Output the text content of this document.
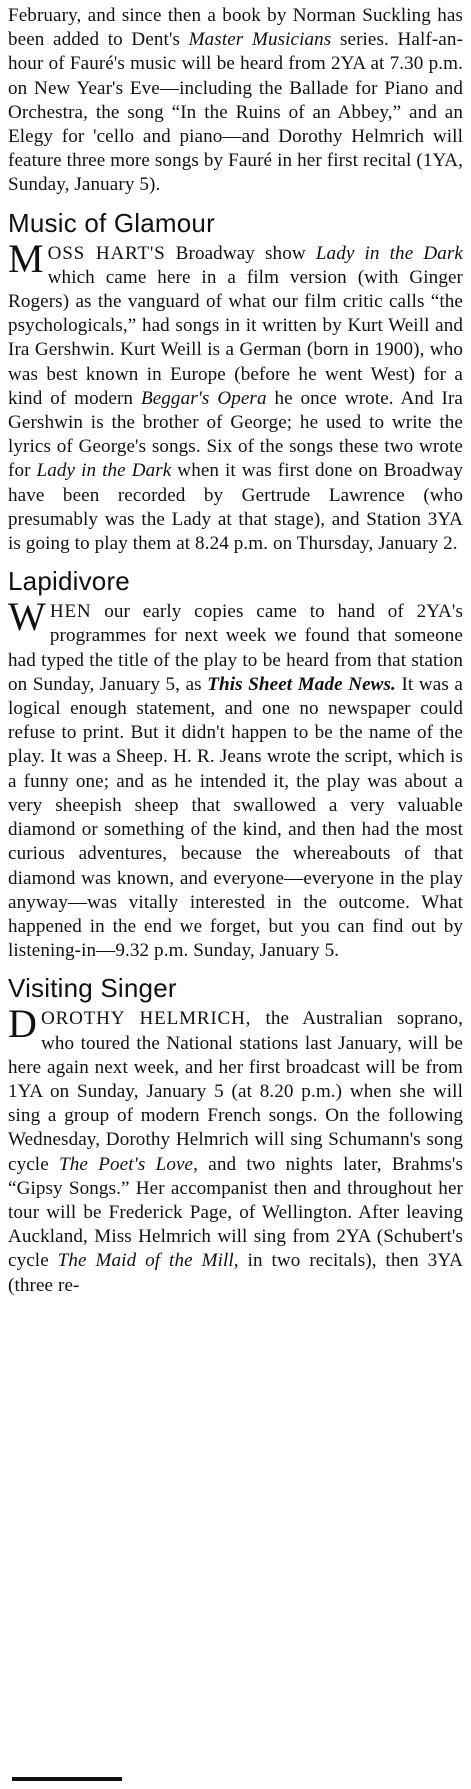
February, and since then a book by Norman Suckling has been added to Dent's Master Musicians series. Half-an-hour of Fauré's music will be heard from 2YA at 7.30 p.m. on New Year's Eve—including the Ballade for Piano and Orchestra, the song “In the Ruins of an Abbey,” and an Elegy for 'cello and piano—and Dorothy Helmrich will feature three more songs by Fauré in her first recital (1YA, Sunday, January 5).

Music of Glamour

MOSS HART'S Broadway show Lady in the Dark which came here in a film version (with Ginger Rogers) as the vanguard of what our film critic calls “the psychologicals,” had songs in it written by Kurt Weill and Ira Gershwin. Kurt Weill is a German (born in 1900), who was best known in Europe (before he went West) for a kind of modern Beggar's Opera he once wrote. And Ira Gershwin is the brother of George; he used to write the lyrics of George's songs. Six of the songs these two wrote for Lady in the Dark when it was first done on Broadway have been recorded by Gertrude Lawrence (who presumably was the Lady at that stage), and Station 3YA is going to play them at 8.24 p.m. on Thursday, January 2.

Lapidivore

WHEN our early copies came to hand of 2YA's programmes for next week we found that someone had typed the title of the play to be heard from that station on Sunday, January 5, as This Sheet Made News. It was a logical enough statement, and one no newspaper could refuse to print. But it didn't happen to be the name of the play. It was a Sheep. H. R. Jeans wrote the script, which is a funny one; and as he intended it, the play was about a very sheepish sheep that swallowed a very valuable diamond or something of the kind, and then had the most curious adventures, because the whereabouts of that diamond was known, and everyone—everyone in the play anyway—was vitally interested in the outcome. What happened in the end we forget, but you can find out by listening-in—9.32 p.m. Sunday, January 5.

Visiting Singer

DOROTHY HELMRICH, the Australian soprano, who toured the National stations last January, will be here again next week, and her first broadcast will be from 1YA on Sunday, January 5 (at 8.20 p.m.) when she will sing a group of modern French songs. On the following Wednesday, Dorothy Helmrich will sing Schumann's song cycle The Poet's Love, and two nights later, Brahms's “Gipsy Songs.” Her accompanist then and throughout her tour will be Frederick Page, of Wellington. After leaving Auckland, Miss Helmrich will sing from 2YA (Schubert's cycle The Maid of the Mill, in two recitals), then 3YA (three re-
